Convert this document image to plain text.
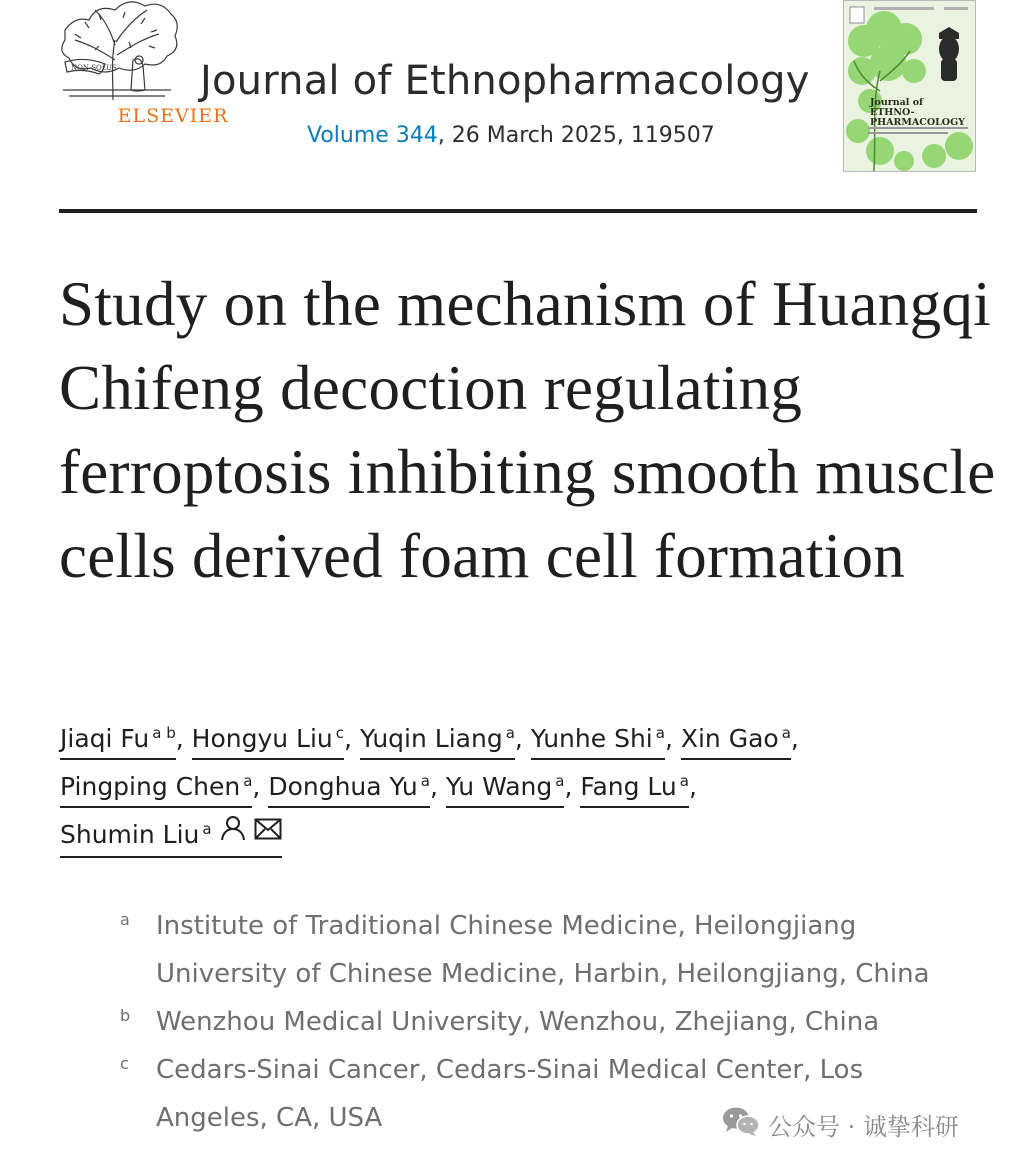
NON SOLUS
ELSEVIER
Journal of Ethnopharmacology
Volume 344, 26 March 2025, 119507
Journal of ETHNO-PHARMACOLOGY
Study on the mechanism of Huangqi Chifeng decoction regulating ferroptosis inhibiting smooth muscle cells derived foam cell formation
Jiaqi Fu $^{a b}$, Hongyu Liu $^c$, Yuqin Liang $^a$, Yunhe Shi $^a$, Xin Gao $^a$,
Pingping Chen $^a$, Donghua Yu $^a$, Yu Wang $^a$, Fang Lu $^a$,
Shumin Liu $^a$
a Institute of Traditional Chinese Medicine, Heilongjiang University of Chinese Medicine, Harbin, Heilongjiang, China
b Wenzhou Medical University, Wenzhou, Zhejiang, China
c Cedars-Sinai Cancer, Cedars-Sinai Medical Center, Los Angeles, CA, USA	公众号 · 诚挚科研
